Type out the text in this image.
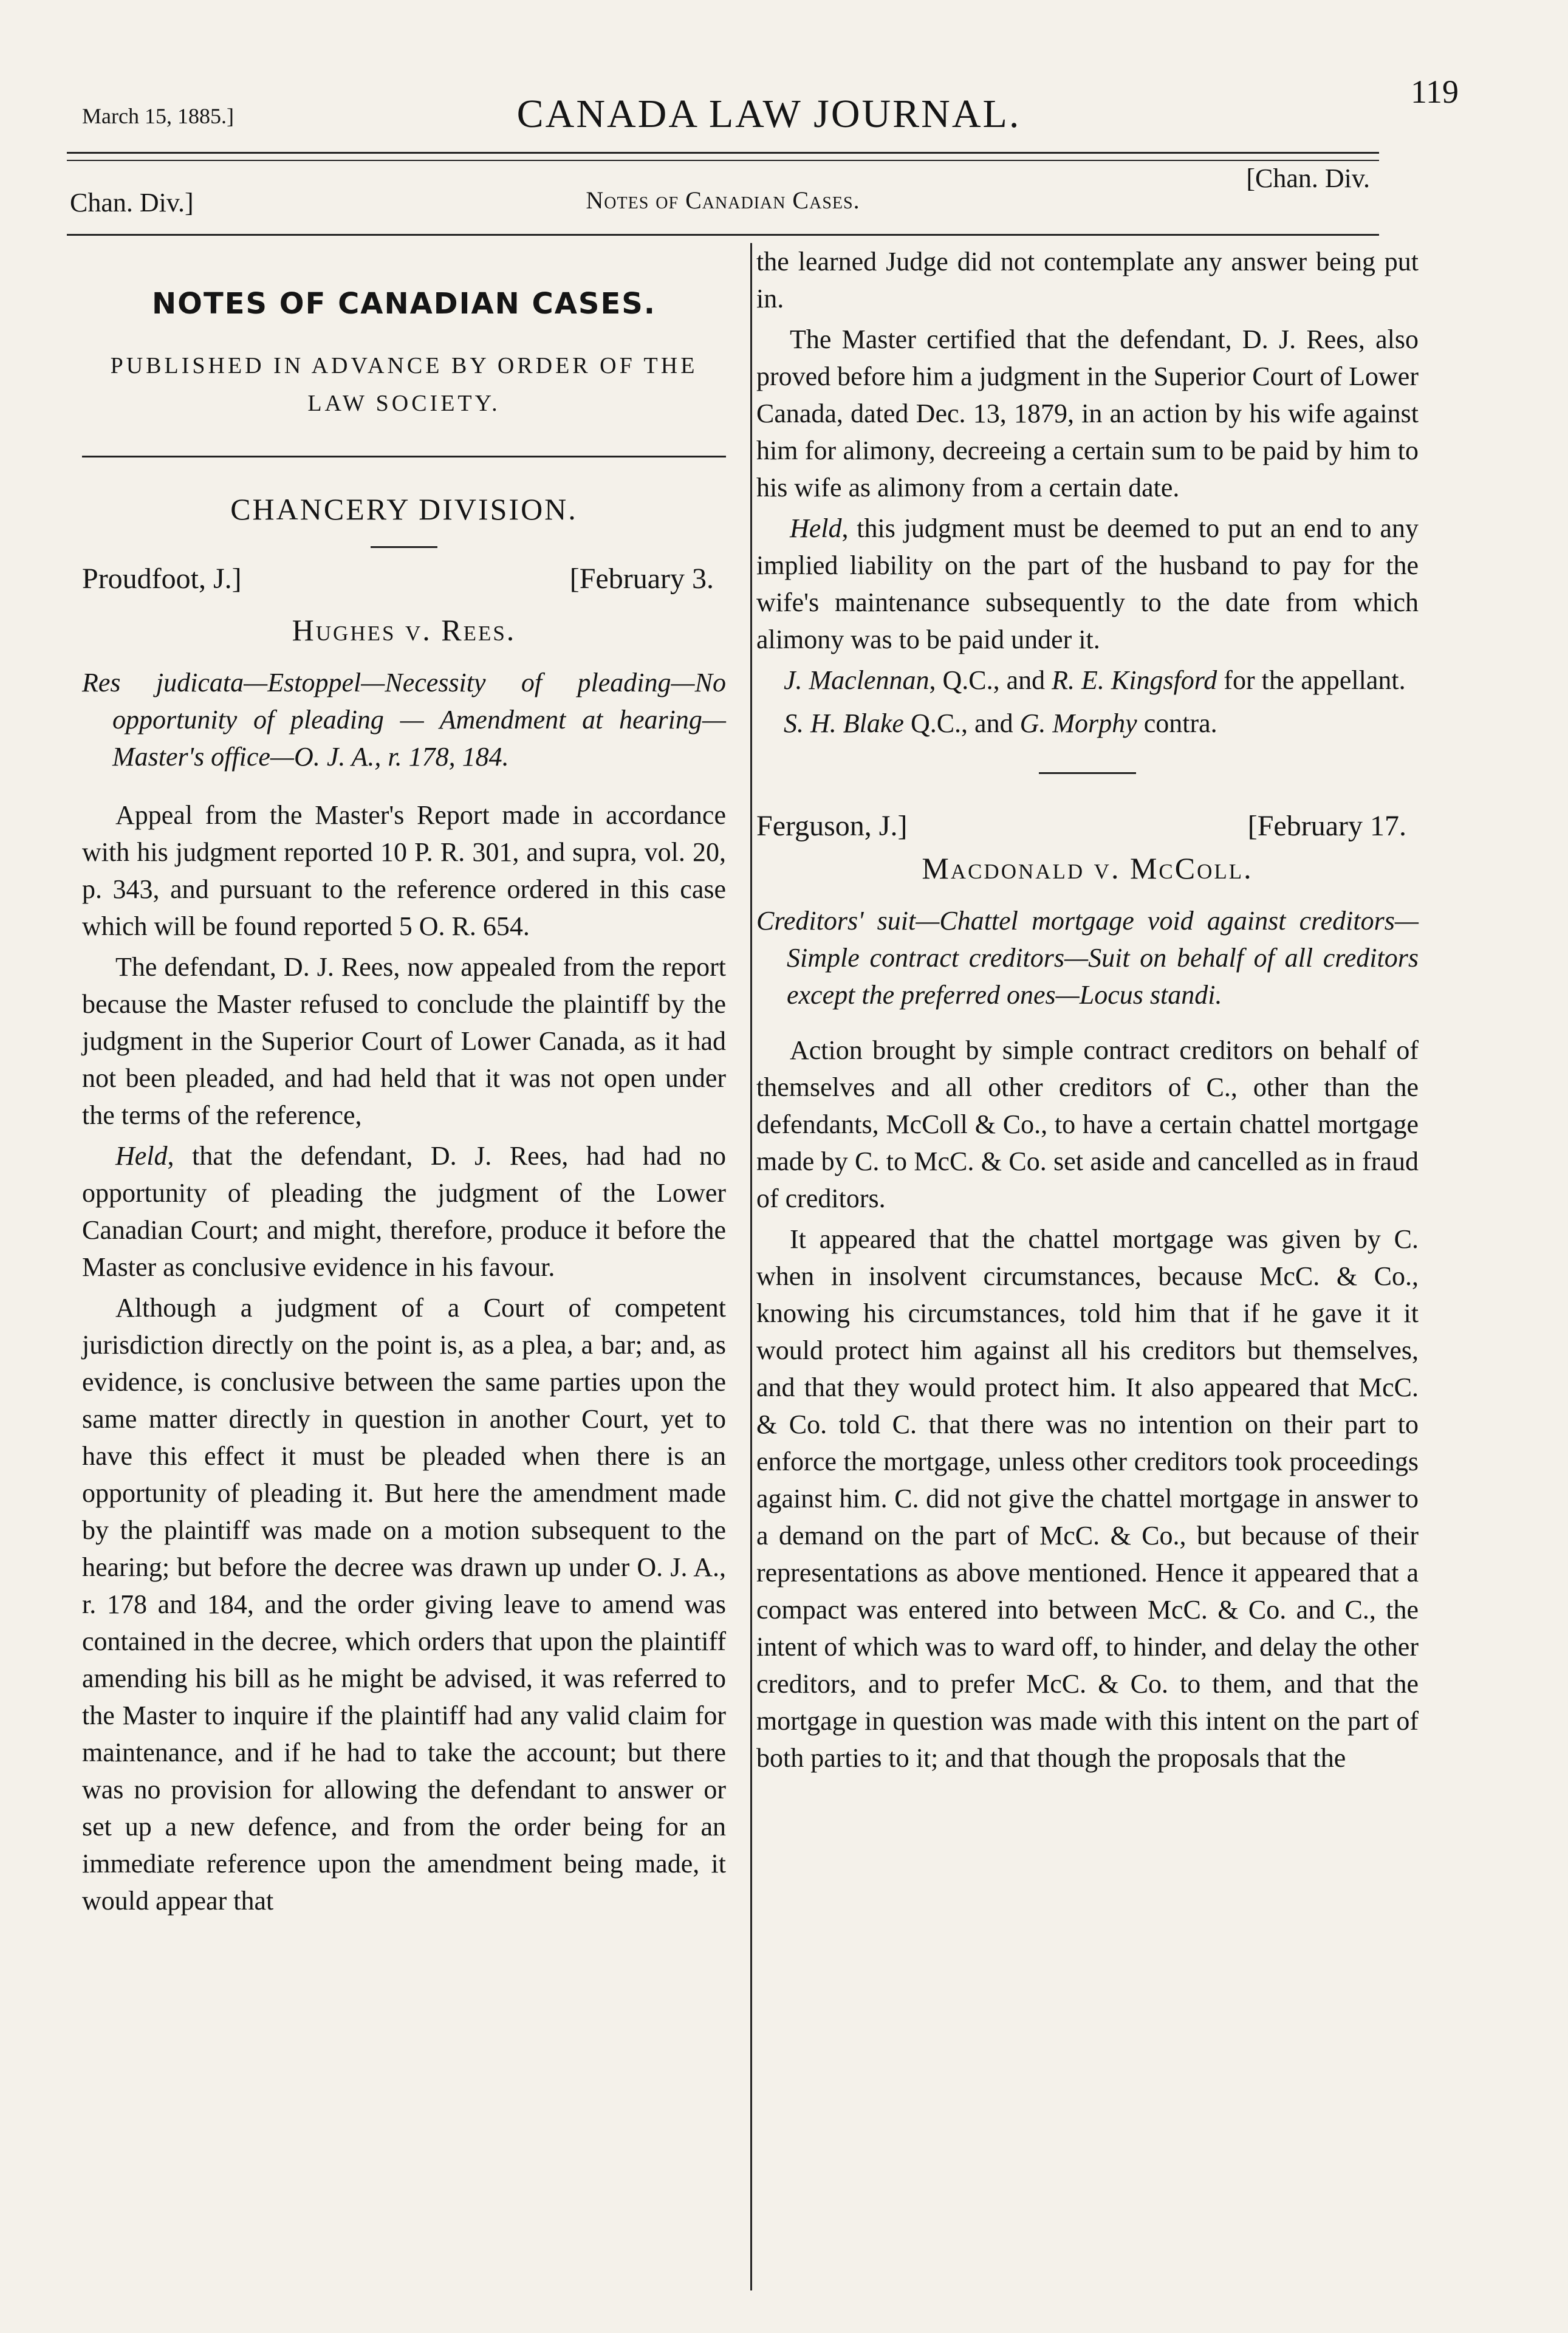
March 15, 1885.]	CANADA LAW JOURNAL.	119
Chan. Div.]	Notes of Canadian Cases.
[Chan. Div.
NOTES OF CANADIAN CASES.
PUBLISHED IN ADVANCE BY ORDER OF THE LAW SOCIETY.
CHANCERY DIVISION.
Proudfoot, J.]	[February 3.
Hughes v. Rees.
Res judicata—Estoppel—Necessity of pleading—No opportunity of pleading — Amendment at hearing—Master's office—O. J. A., r. 178, 184.

Appeal from the Master's Report made in accordance with his judgment reported 10 P. R. 301, and supra, vol. 20, p. 343, and pursuant to the reference ordered in this case which will be found reported 5 O. R. 654.

The defendant, D. J. Rees, now appealed from the report because the Master refused to conclude the plaintiff by the judgment in the Superior Court of Lower Canada, as it had not been pleaded, and had held that it was not open under the terms of the reference,

Held, that the defendant, D. J. Rees, had had no opportunity of pleading the judgment of the Lower Canadian Court; and might, therefore, produce it before the Master as conclusive evidence in his favour.

Although a judgment of a Court of competent jurisdiction directly on the point is, as a plea, a bar; and, as evidence, is conclusive between the same parties upon the same matter directly in question in another Court, yet to have this effect it must be pleaded when there is an opportunity of pleading it. But here the amendment made by the plaintiff was made on a motion subsequent to the hearing; but before the decree was drawn up under O. J. A., r. 178 and 184, and the order giving leave to amend was contained in the decree, which orders that upon the plaintiff amending his bill as he might be advised, it was referred to the Master to inquire if the plaintiff had any valid claim for maintenance, and if he had to take the account; but there was no provision for allowing the defendant to answer or set up a new defence, and from the order being for an immediate reference upon the amendment being made, it would appear that

the learned Judge did not contemplate any answer being put in.

The Master certified that the defendant, D. J. Rees, also proved before him a judgment in the Superior Court of Lower Canada, dated Dec. 13, 1879, in an action by his wife against him for alimony, decreeing a certain sum to be paid by him to his wife as alimony from a certain date.

Held, this judgment must be deemed to put an end to any implied liability on the part of the husband to pay for the wife's maintenance subsequently to the date from which alimony was to be paid under it.

J. Maclennan, Q.C., and R. E. Kingsford for the appellant.

S. H. Blake Q.C., and G. Morphy contra.

Ferguson, J.]	[February 17.
Macdonald v. McColl.
Creditors' suit—Chattel mortgage void against creditors—Simple contract creditors—Suit on behalf of all creditors except the preferred ones—Locus standi.

Action brought by simple contract creditors on behalf of themselves and all other creditors of C., other than the defendants, McColl & Co., to have a certain chattel mortgage made by C. to McC. & Co. set aside and cancelled as in fraud of creditors.

It appeared that the chattel mortgage was given by C. when in insolvent circumstances, because McC. & Co., knowing his circumstances, told him that if he gave it it would protect him against all his creditors but themselves, and that they would protect him. It also appeared that McC. & Co. told C. that there was no intention on their part to enforce the mortgage, unless other creditors took proceedings against him. C. did not give the chattel mortgage in answer to a demand on the part of McC. & Co., but because of their representations as above mentioned. Hence it appeared that a compact was entered into between McC. & Co. and C., the intent of which was to ward off, to hinder, and delay the other creditors, and to prefer McC. & Co. to them, and that the mortgage in question was made with this intent on the part of both parties to it; and that though the proposals that the
